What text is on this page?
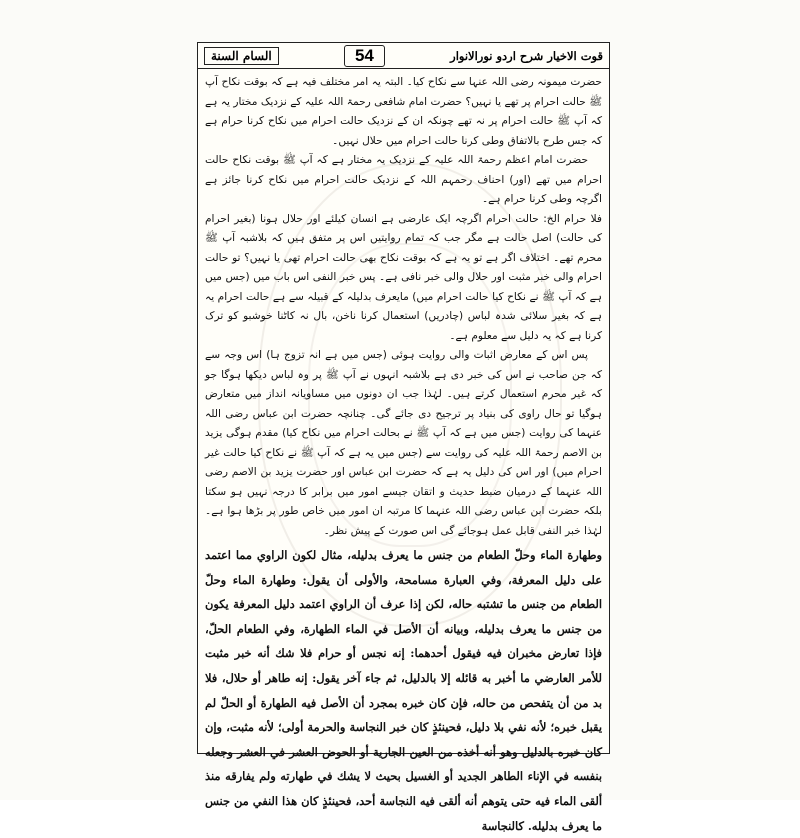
السام السنة	54	قوت الاخیار شرح اردو نورالانوار

حضرت میمونہ رضی اللہ عنہا سے نکاح کیا۔ البتہ یہ امر مختلف فیہ ہے کہ بوقت نکاح آپ ﷺ حالت احرام پر تھے یا نہیں؟ حضرت امام شافعی رحمۃ اللہ علیہ کے نزدیک مختار یہ ہے کہ آپ ﷺ حالت احرام پر نہ تھے چونکہ ان کے نزدیک حالت احرام میں نکاح کرنا حرام ہے کہ جس طرح بالاتفاق وطی کرنا حالت احرام میں حلال نہیں۔

حضرت امام اعظم رحمۃ اللہ علیہ کے نزدیک یہ مختار ہے کہ آپ ﷺ بوقت نکاح حالت احرام میں تھے (اور) احناف رحمہم اللہ کے نزدیک حالت احرام میں نکاح کرنا جائز ہے اگرچہ وطی کرنا حرام ہے۔

فلا حرام الخ: حالت احرام اگرچہ ایک عارضی ہے انسان کیلئے اور حلال ہونا (بغیر احرام کی حالت) اصل حالت ہے مگر جب کہ تمام روایتیں اس پر متفق ہیں کہ بلاشبہ آپ ﷺ محرم تھے۔ اختلاف اگر ہے تو یہ ہے کہ بوقت نکاح بھی حالت احرام تھی یا نہیں؟ تو حالت احرام والی خبر مثبت اور حلال والی خبر نافی ہے۔ پس خبر النفی اس باب میں (جس میں ہے کہ آپ ﷺ نے نکاح کیا حالت احرام میں) مایعرف بدلیلہ کے قبیلہ سے ہے حالت احرام یہ ہے کہ بغیر سلائی شدہ لباس (چادریں) استعمال کرنا ناخن، بال نہ کاٹنا خوشبو کو ترک کرنا ہے کہ یہ دلیل سے معلوم ہے۔

پس اس کے معارض اثبات والی روایت ہوئی (جس میں ہے انہ تزوج ہا) اس وجہ سے کہ جن صاحب نے اس کی خبر دی ہے بلاشبہ انہوں نے آپ ﷺ پر وہ لباس دیکھا ہوگا جو کہ غیر محرم استعمال کرتے ہیں۔ لہٰذا جب ان دونوں میں مساویانہ انداز میں متعارض ہوگیا تو حال راوی کی بنیاد پر ترجیح دی جائے گی۔ چنانچہ حضرت ابن عباس رضی اللہ عنہما کی روایت (جس میں ہے کہ آپ ﷺ نے بحالت احرام میں نکاح کیا) مقدم ہوگی یزید بن الاصم رحمۃ اللہ علیہ کی روایت سے (جس میں یہ ہے کہ آپ ﷺ نے نکاح کیا حالت غیر احرام میں) اور اس کی دلیل یہ ہے کہ حضرت ابن عباس اور حضرت یزید بن الاصم رضی اللہ عنہما کے درمیان ضبط حدیث و اتقان جیسے امور میں برابر کا درجہ نہیں ہو سکتا بلکہ حضرت ابن عباس رضی اللہ عنہما کا مرتبہ ان امور میں خاص طور پر بڑھا ہوا ہے۔ لہٰذا خبر النفی قابل عمل ہوجائے گی اس صورت کے پیش نظر۔

وطهارة الماء وحلّ الطعام من جنس ما يعرف بدليله، مثال لكون الراوي مما اعتمد على دليل المعرفة، وفي العبارة مسامحة، والأولى أن يقول: وطهارة الماء وحلّ الطعام من جنس ما تشتبه حاله، لكن إذا عرف أن الراوي اعتمد دليل المعرفة يكون من جنس ما يعرف بدليله، وبيانه أن الأصل في الماء الطهارة، وفي الطعام الحلّ، فإذا تعارض مخبران فيه فيقول أحدهما: إنه نجس أو حرام فلا شك أنه خبر مثبت للأمر العارضي ما أخبر به قائله إلا بالدليل، ثم جاء آخر يقول: إنه طاهر أو حلال، فلا بد من أن يتفحص من حاله، فإن كان خبره بمجرد أن الأصل فيه الطهارة أو الحلّ لم يقبل خبره؛ لأنه نفي بلا دليل، فحينئذٍ كان خبر النجاسة والحرمة أولى؛ لأنه مثبت، وإن كان خبره بالدليل وهو أنه أخذه من العين الجارية أو الحوض العشر في العشر وجعله بنفسه في الإناء الطاهر الجديد أو الغسيل بحيث لا يشك في طهارته ولم يفارقه منذ ألقى الماء فيه حتى يتوهم أنه ألقى فيه النجاسة أحد، فحينئذٍ كان هذا النفي من جنس ما يعرف بدليله. كالنجاسة
